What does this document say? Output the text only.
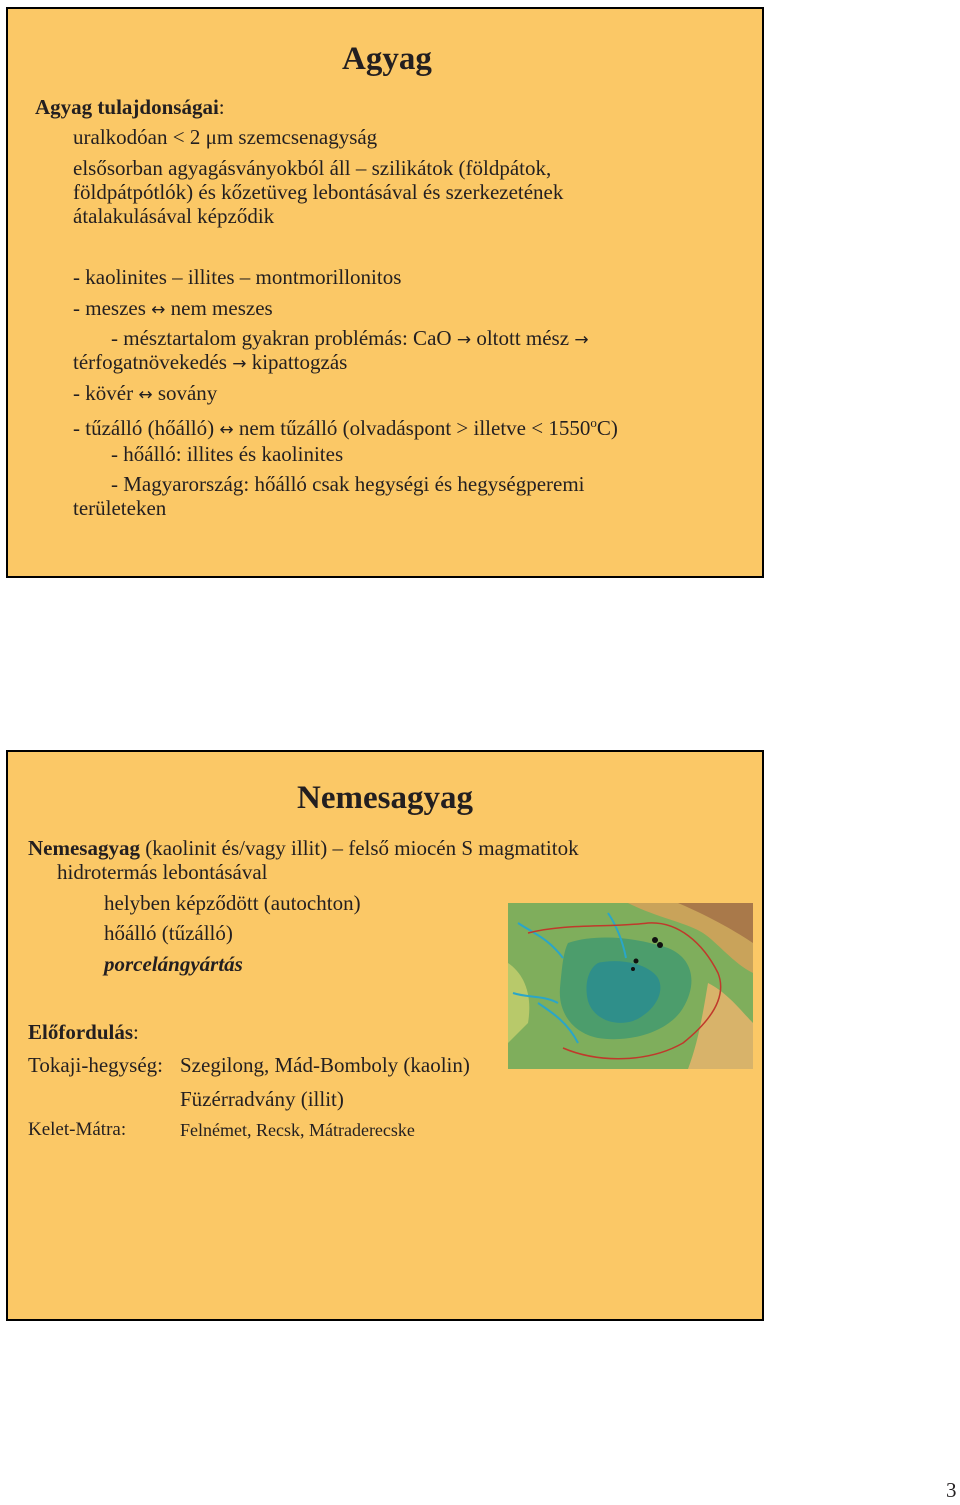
Agyag
Agyag tulajdonságai:
uralkodóan < 2 μm szemcsenagyság
elsősorban agyagásványokból áll – szilikátok (földpátok,
földpátpótlók) és kőzetüveg lebontásával és szerkezetének
átalakulásával képződik
- kaolinites – illites – montmorillonitos
- meszes ↔ nem meszes
- mésztartalom gyakran problémás: CaO → oltott mész →
térfogatnövekedés → kipattogzás
- kövér ↔ sovány
- tűzálló (hőálló) ↔ nem tűzálló (olvadáspont > illetve < $1550^oC$)
- hőálló: illites és kaolinites
- Magyarország: hőálló csak hegységi és hegységperemi
területeken
Nemesagyag
Nemesagyag (kaolinit és/vagy illit) – felső miocén S magmatitok
hidrotermás lebontásával
helyben képződött (autochton)
hőálló (tűzálló)
porcelángyártás
Előfordulás:
Tokaji-hegység: Szegilong, Mád-Bomboly (kaolin)
Füzérradvány (illit)
Kelet-Mátra:	Felnémet, Recsk, Mátraderecske
3
